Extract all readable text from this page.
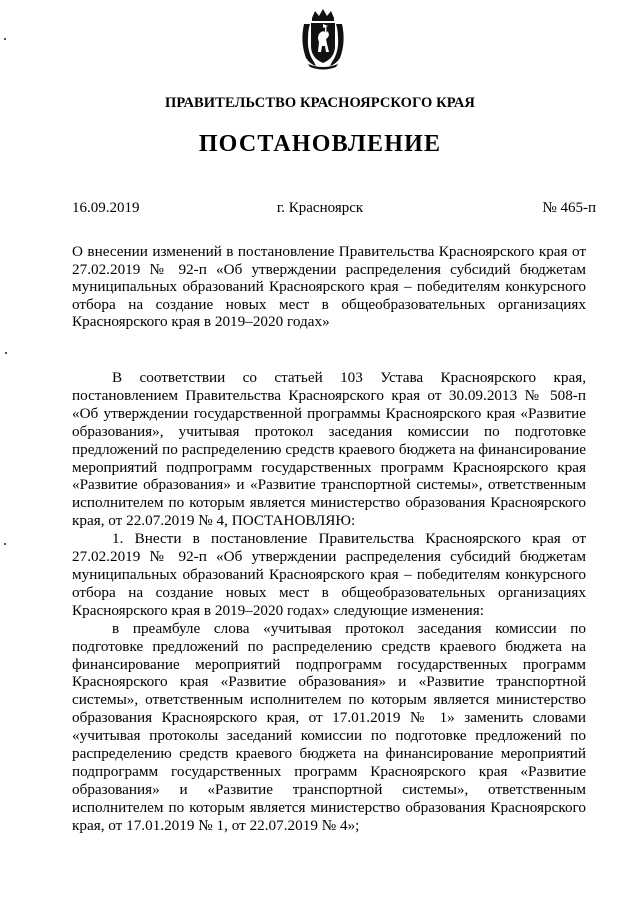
ПРАВИТЕЛЬСТВО КРАСНОЯРСКОГО КРАЯ
ПОСТАНОВЛЕНИЕ
16.09.2019	г. Красноярск	№ 465-п
О внесении изменений в постановление Правительства Красноярского края от 27.02.2019 № 92-п «Об утверждении распределения субсидий бюджетам муниципальных образований Красноярского края – победителям конкурсного отбора на создание новых мест в общеобразовательных организациях Красноярского края в 2019–2020 годах»

В соответствии со статьей 103 Устава Красноярского края, постановлением Правительства Красноярского края от 30.09.2013 № 508-п «Об утверждении государственной программы Красноярского края «Развитие образования», учитывая протокол заседания комиссии по подготовке предложений по распределению средств краевого бюджета на финансирование мероприятий подпрограмм государственных программ Красноярского края «Развитие образования» и «Развитие транспортной системы», ответственным исполнителем по которым является министерство образования Красноярского края, от 22.07.2019 № 4, ПОСТАНОВЛЯЮ:

1. Внести в постановление Правительства Красноярского края от 27.02.2019 № 92-п «Об утверждении распределения субсидий бюджетам муниципальных образований Красноярского края – победителям конкурсного отбора на создание новых мест в общеобразовательных организациях Красноярского края в 2019–2020 годах» следующие изменения:

в преамбуле слова «учитывая протокол заседания комиссии по подготовке предложений по распределению средств краевого бюджета на финансирование мероприятий подпрограмм государственных программ Красноярского края «Развитие образования» и «Развитие транспортной системы», ответственным исполнителем по которым является министерство образования Красноярского края, от 17.01.2019 № 1» заменить словами «учитывая протоколы заседаний комиссии по подготовке предложений по распределению средств краевого бюджета на финансирование мероприятий подпрограмм государственных программ Красноярского края «Развитие образования» и «Развитие транспортной системы», ответственным исполнителем по которым является министерство образования Красноярского края, от 17.01.2019 № 1, от 22.07.2019 № 4»;
